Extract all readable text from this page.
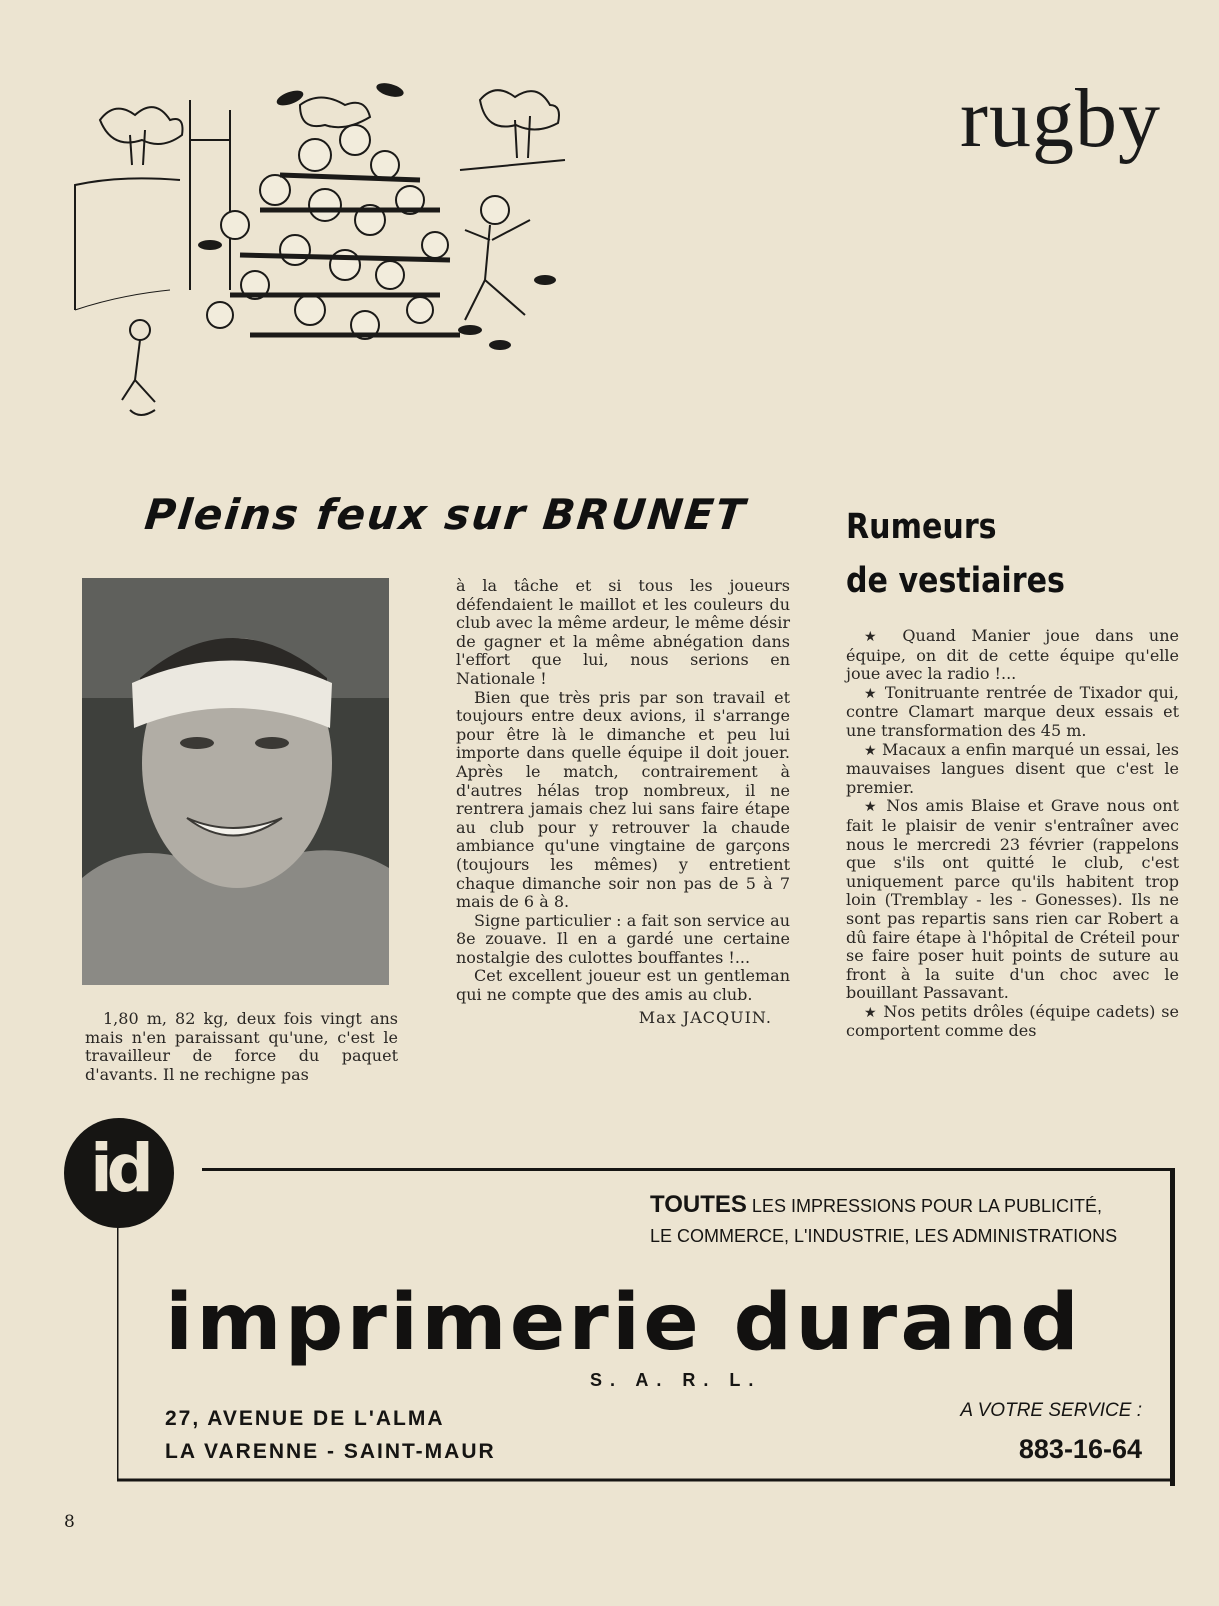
rugby
Pleins feux sur BRUNET

1,80 m, 82 kg, deux fois vingt ans mais n'en paraissant qu'une, c'est le travailleur de force du paquet d'avants. Il ne rechigne pas

à la tâche et si tous les joueurs défendaient le maillot et les couleurs du club avec la même ardeur, le même désir de gagner et la même abnégation dans l'effort que lui, nous serions en Nationale !

Bien que très pris par son travail et toujours entre deux avions, il s'arrange pour être là le dimanche et peu lui importe dans quelle équipe il doit jouer. Après le match, contrairement à d'autres hélas trop nombreux, il ne rentrera jamais chez lui sans faire étape au club pour y retrouver la chaude ambiance qu'une vingtaine de garçons (toujours les mêmes) y entretient chaque dimanche soir non pas de 5 à 7 mais de 6 à 8.

Signe particulier : a fait son service au 8e zouave. Il en a gardé une certaine nostalgie des culottes bouffantes !...

Cet excellent joueur est un gentleman qui ne compte que des amis au club.

Max JACQUIN.
Rumeurs
de vestiaires

★ Quand Manier joue dans une équipe, on dit de cette équipe qu'elle joue avec la radio !...

★ Tonitruante rentrée de Tixador qui, contre Clamart marque deux essais et une transformation des 45 m.

★ Macaux a enfin marqué un essai, les mauvaises langues disent que c'est le premier.

★ Nos amis Blaise et Grave nous ont fait le plaisir de venir s'entraîner avec nous le mercredi 23 février (rappelons que s'ils ont quitté le club, c'est uniquement parce qu'ils habitent trop loin (Tremblay - les - Gonesses). Ils ne sont pas repartis sans rien car Robert a dû faire étape à l'hôpital de Créteil pour se faire poser huit points de suture au front à la suite d'un choc avec le bouillant Passavant.

★ Nos petits drôles (équipe cadets) se comportent comme des

id	TOUTES LES IMPRESSIONS POUR LA PUBLICITÉ,
LE COMMERCE, L'INDUSTRIE, LES ADMINISTRATIONS
imprimerie durand
S. A. R. L.
27, AVENUE DE L'ALMA
LA VARENNE - SAINT-MAUR
A VOTRE SERVICE :
883-16-64
8
